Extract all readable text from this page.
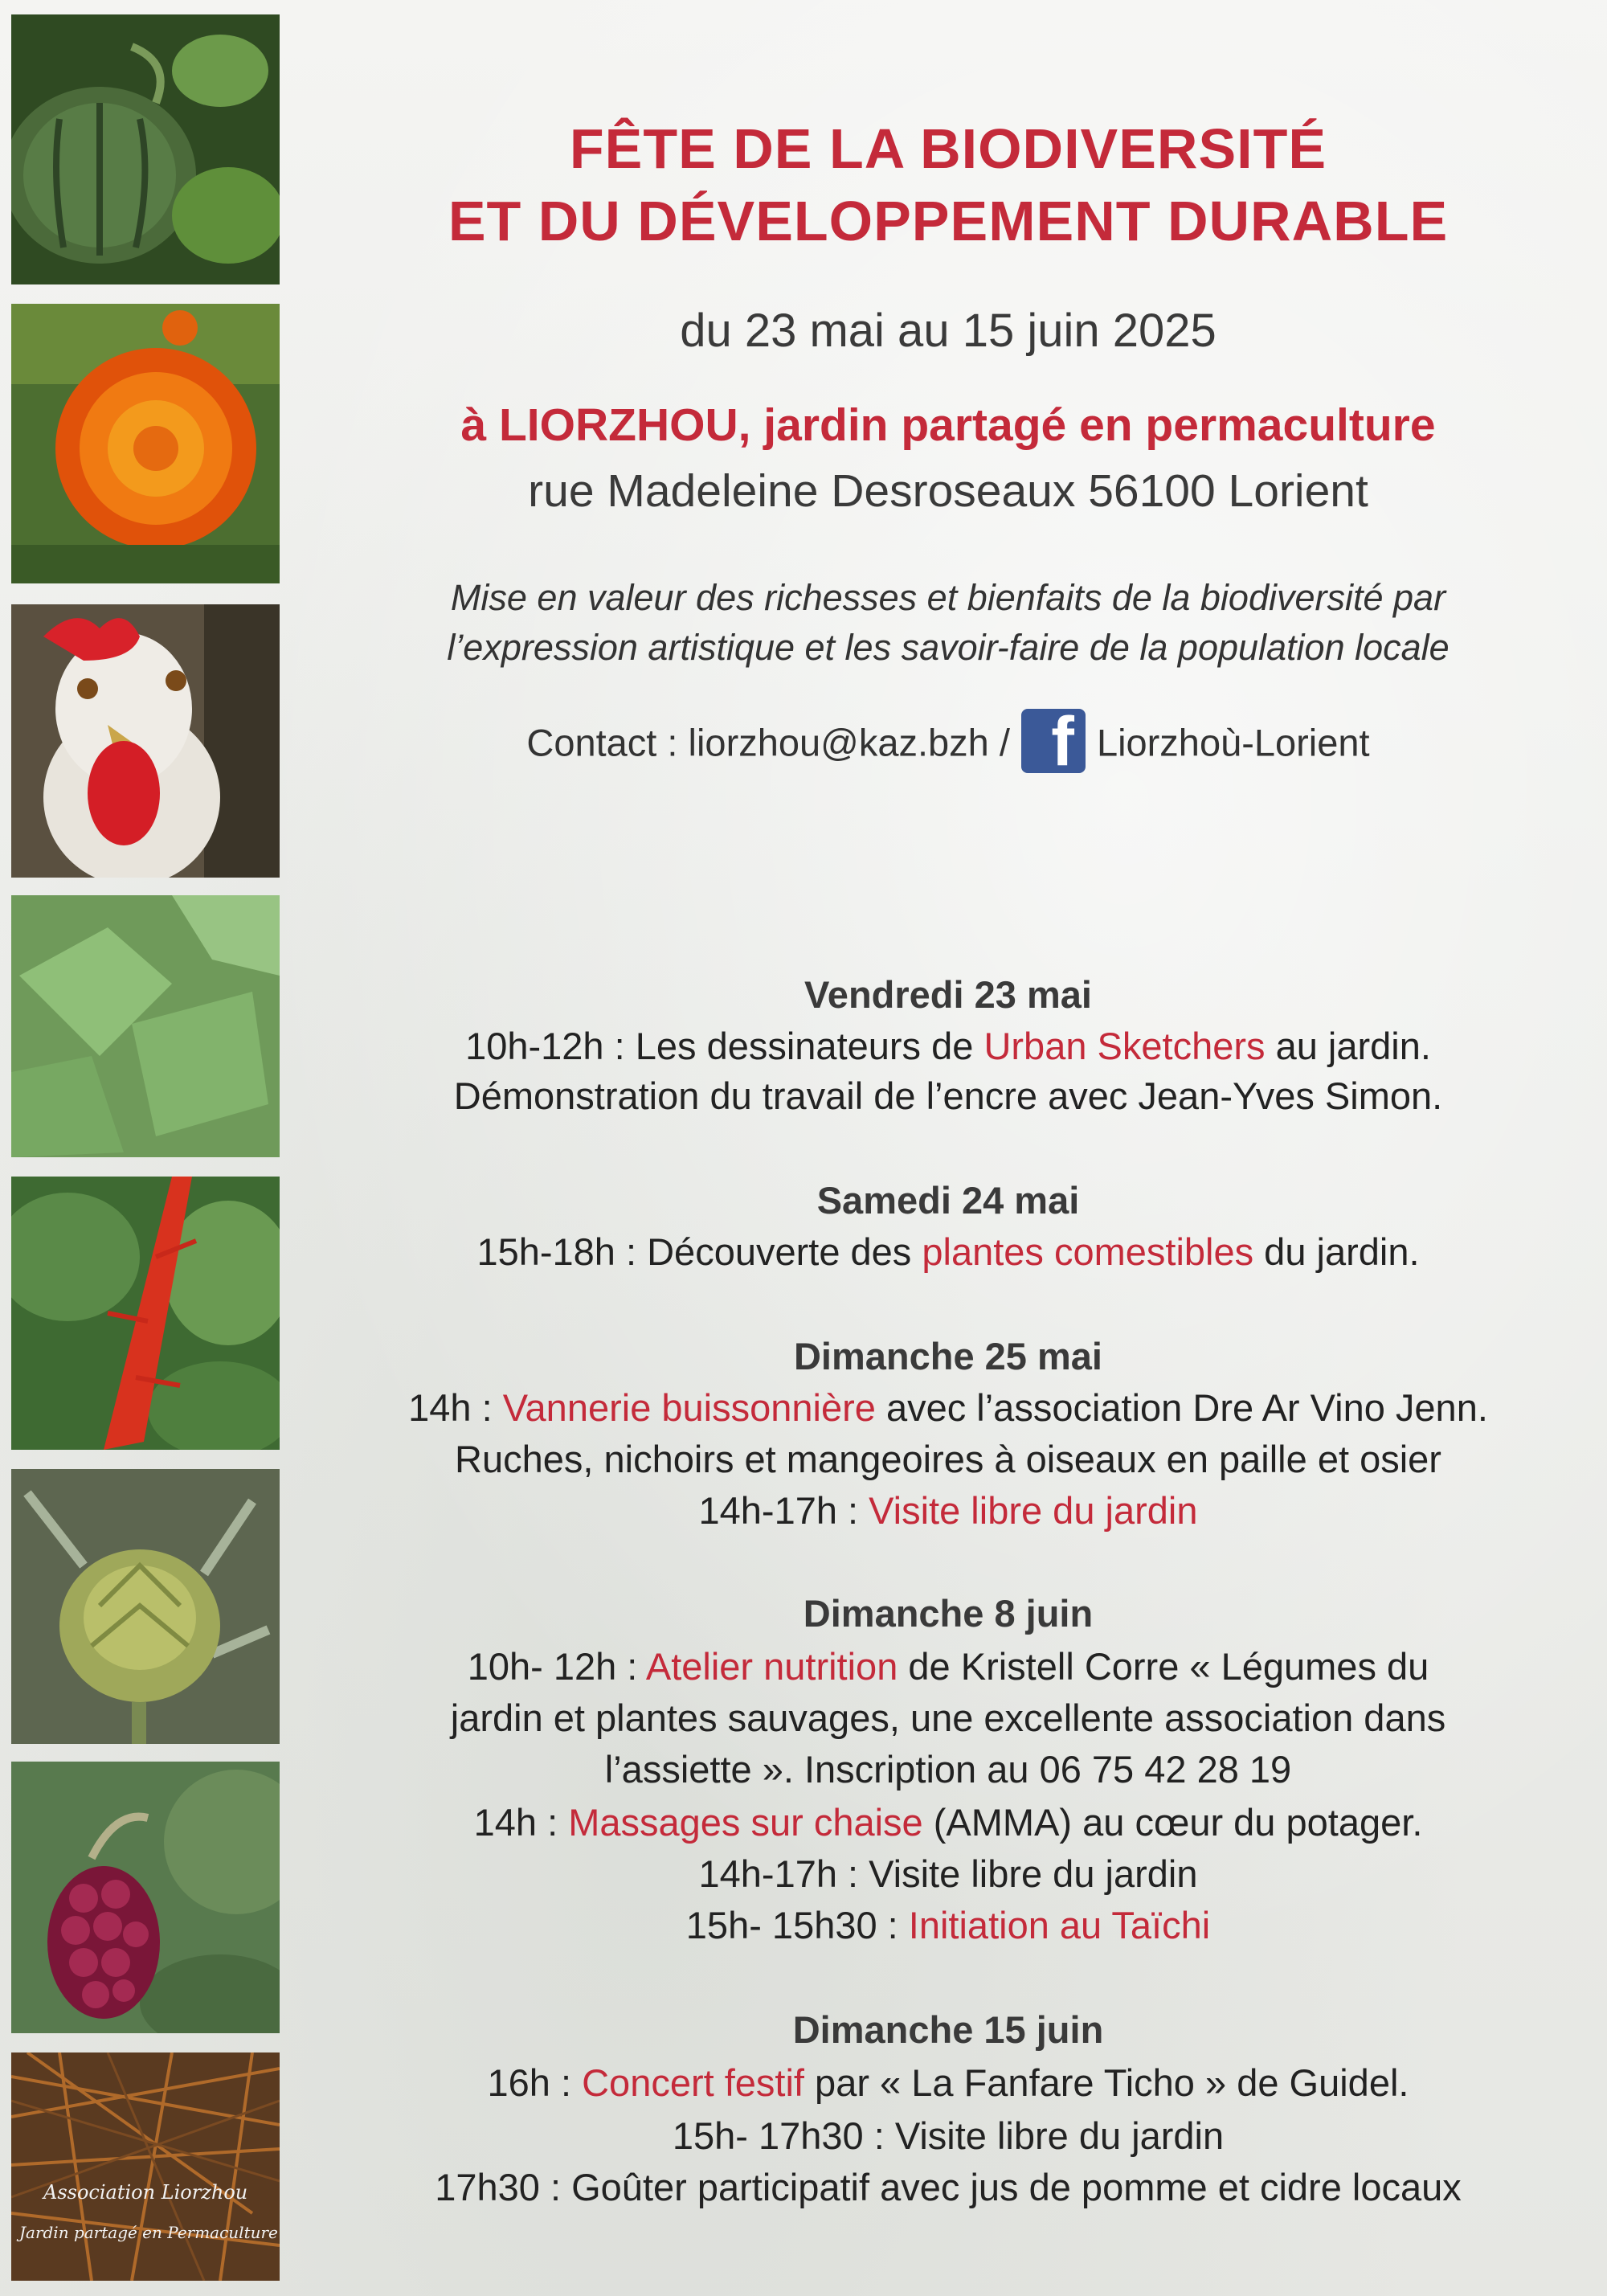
Association Liorzhou
Jardin partagé en Permaculture
FÊTE DE LA BIODIVERSITÉ
ET DU DÉVELOPPEMENT DURABLE
du 23 mai au 15 juin 2025
à LIORZHOU, jardin partagé en permaculture
rue Madeleine Desroseaux 56100 Lorient
Mise en valeur des richesses et bienfaits de la biodiversité par
l’expression artistique et les savoir-faire de la population locale
Contact : liorzhou@kaz.bzh / f Liorzhoù-Lorient
Vendredi 23 mai
10h-12h : Les dessinateurs de Urban Sketchers au jardin.
Démonstration du travail de l’encre avec Jean-Yves Simon.
Samedi 24 mai
15h-18h : Découverte des plantes comestibles du jardin.
Dimanche 25 mai
14h : Vannerie buissonnière avec l’association Dre Ar Vino Jenn.
Ruches, nichoirs et mangeoires à oiseaux en paille et osier
14h-17h : Visite libre du jardin
Dimanche 8 juin
10h- 12h : Atelier nutrition de Kristell Corre « Légumes du
jardin et plantes sauvages, une excellente association dans
l’assiette ». Inscription au 06 75 42 28 19
14h : Massages sur chaise (AMMA) au cœur du potager.
14h-17h : Visite libre du jardin
15h- 15h30 : Initiation au Taïchi
Dimanche 15 juin
16h : Concert festif par « La Fanfare Ticho » de Guidel.
15h- 17h30 : Visite libre du jardin
17h30 : Goûter participatif avec jus de pomme et cidre locaux
